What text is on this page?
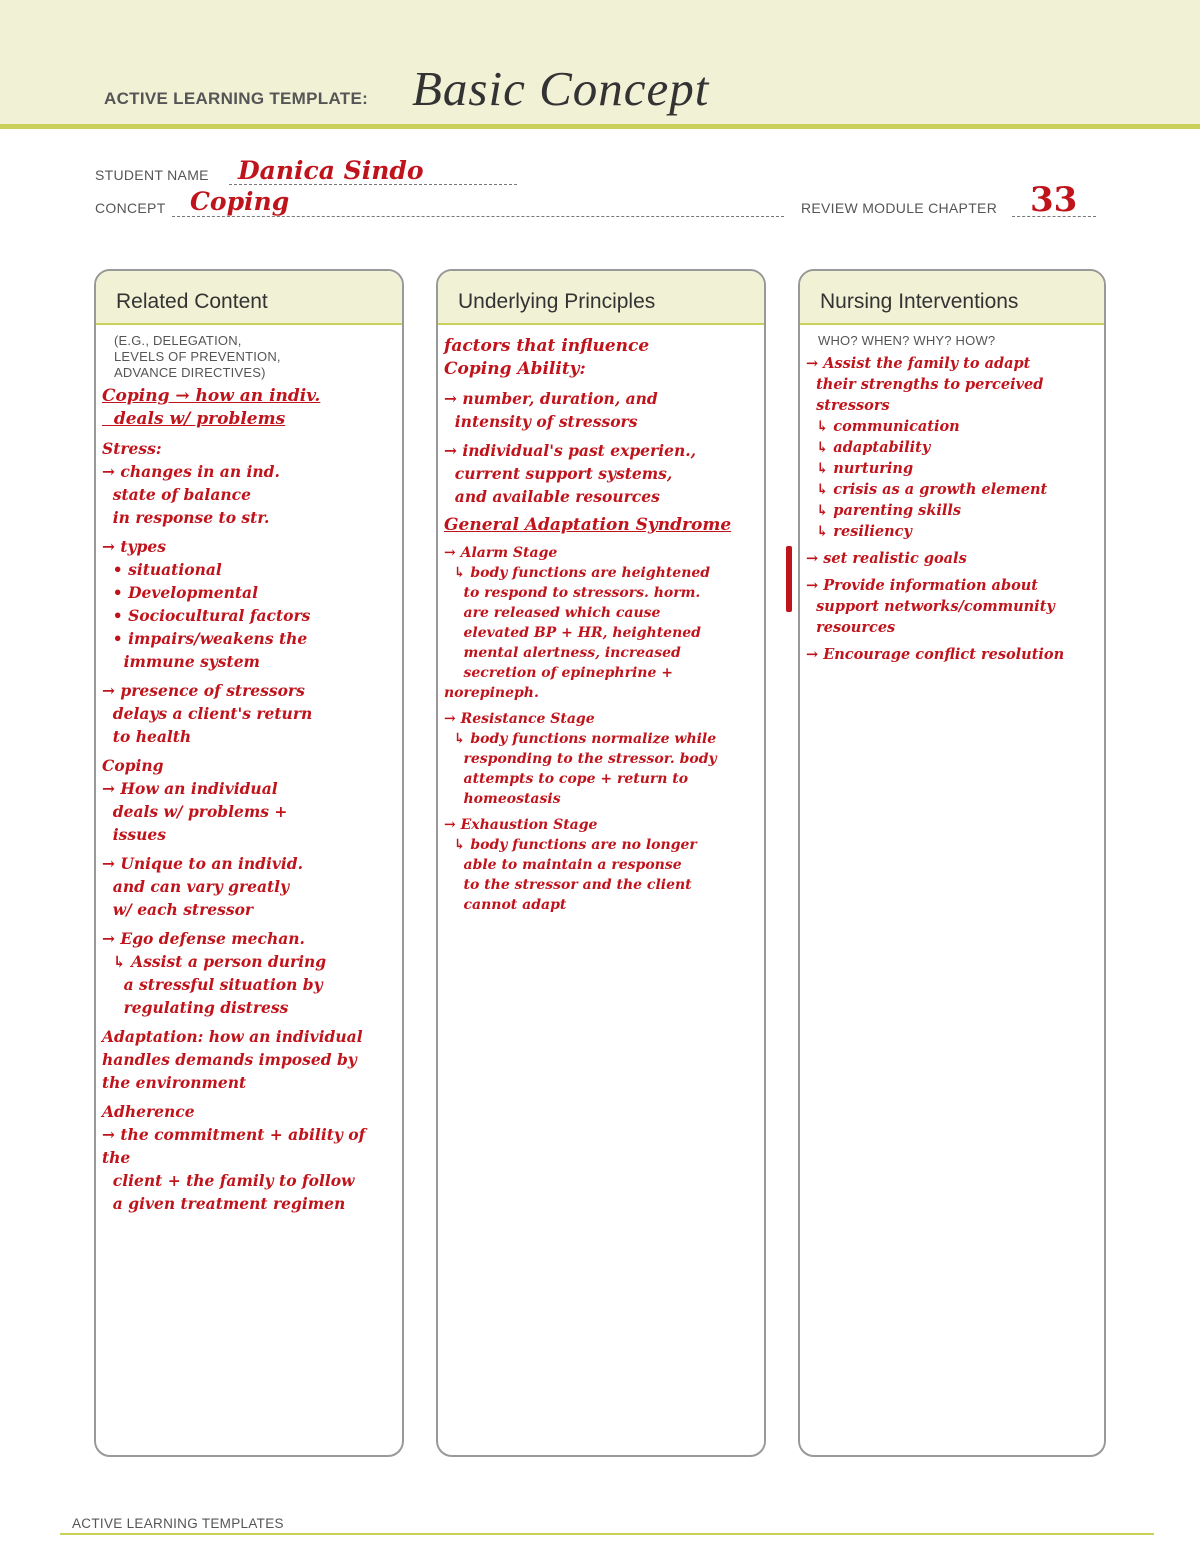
ACTIVE LEARNING TEMPLATE: Basic Concept
STUDENT NAME Danica Sindo
CONCEPT Coping	REVIEW MODULE CHAPTER 33
Related Content
(E.G., DELEGATION,
LEVELS OF PREVENTION,
ADVANCE DIRECTIVES)
Coping → how an indiv.
deals w/ problems
Stress:
→ changes in an ind.
state of balance
in response to str.
→ types
• situational
• Developmental
• Sociocultural factors
• impairs/weakens the
immune system
→ presence of stressors
delays a client's return
to health
Coping
→ How an individual
deals w/ problems +
issues
→ Unique to an individ.
and can vary greatly
w/ each stressor
→ Ego defense mechan.
↳ Assist a person during
a stressful situation by
regulating distress
Adaptation: how an individual
handles demands imposed by
the environment
Adherence
→ the commitment + ability of the
client + the family to follow
a given treatment regimen
Underlying Principles
factors that influence
Coping Ability:
→ number, duration, and
intensity of stressors
→ individual's past experien.,
current support systems,
and available resources
General Adaptation Syndrome
→ Alarm Stage
↳ body functions are heightened
to respond to stressors. horm.
are released which cause
elevated BP + HR, heightened
mental alertness, increased
secretion of epinephrine + norepineph.
→ Resistance Stage
↳ body functions normalize while
responding to the stressor. body
attempts to cope + return to
homeostasis
→ Exhaustion Stage
↳ body functions are no longer
able to maintain a response
to the stressor and the client
cannot adapt
Nursing Interventions
WHO? WHEN? WHY? HOW?
→ Assist the family to adapt
their strengths to perceived
stressors
↳ communication
↳ adaptability
↳ nurturing
↳ crisis as a growth element
↳ parenting skills
↳ resiliency
→ set realistic goals
→ Provide information about
support networks/community
resources
→ Encourage conflict resolution
ACTIVE LEARNING TEMPLATES
